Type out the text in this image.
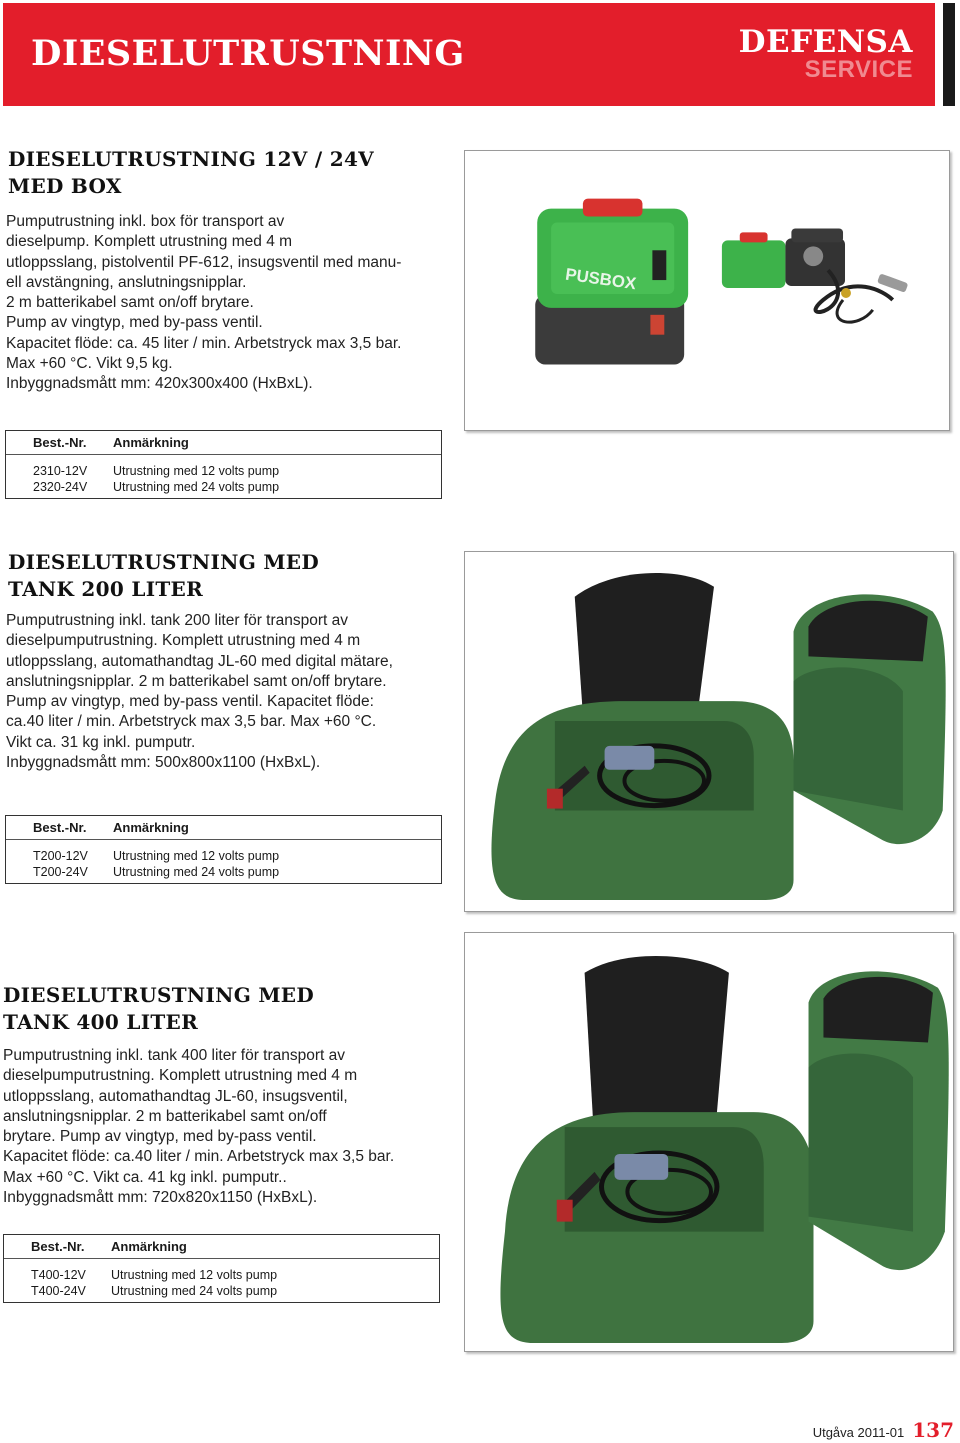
DIESELUTRUSTNING	DEFENSA
SERVICE
DIESELUTRUSTNING 12V / 24V
MED BOX
Pumputrustning inkl. box för transport av
dieselpump. Komplett utrustning med 4 m
utloppsslang, pistolventil PF-612, insugsventil med manu-
ell avstängning, anslutningsnipplar.
2 m batterikabel samt on/off brytare.
Pump av vingtyp, med by-pass ventil.
Kapacitet flöde: ca. 45 liter / min. Arbetstryck max 3,5 bar.
Max +60 °C. Vikt 9,5 kg.
Inbyggnadsmått mm: 420x300x400 (HxBxL).
Best.-Nr.	Anmärkning
2310-12V	Utrustning med 12 volts pump
2320-24V	Utrustning med 24 volts pump
PUSBOX
DIESELUTRUSTNING MED
TANK 200 LITER
Pumputrustning inkl. tank 200 liter för transport av
dieselpumputrustning. Komplett utrustning med 4 m
utloppsslang, automathandtag JL-60 med digital mätare,
anslutningsnipplar. 2 m batterikabel samt on/off brytare.
Pump av vingtyp, med by-pass ventil. Kapacitet flöde:
ca.40 liter / min. Arbetstryck max 3,5 bar. Max +60 °C.
Vikt ca. 31 kg inkl. pumputr.
Inbyggnadsmått mm: 500x800x1100 (HxBxL).
Best.-Nr.	Anmärkning
T200-12V	Utrustning med 12 volts pump
T200-24V	Utrustning med 24 volts pump
DIESELUTRUSTNING MED
TANK 400 LITER
Pumputrustning inkl. tank 400 liter för transport av
dieselpumputrustning. Komplett utrustning med 4 m
utloppsslang, automathandtag JL-60, insugsventil,
anslutningsnipplar. 2 m batterikabel samt on/off
brytare. Pump av vingtyp, med by-pass ventil.
Kapacitet flöde: ca.40 liter / min. Arbetstryck max 3,5 bar.
Max +60 °C. Vikt ca. 41 kg inkl. pumputr..
Inbyggnadsmått mm: 720x820x1150 (HxBxL).
Best.-Nr.	Anmärkning
T400-12V	Utrustning med 12 volts pump
T400-24V	Utrustning med 24 volts pump
Utgåva 2011-01 137
